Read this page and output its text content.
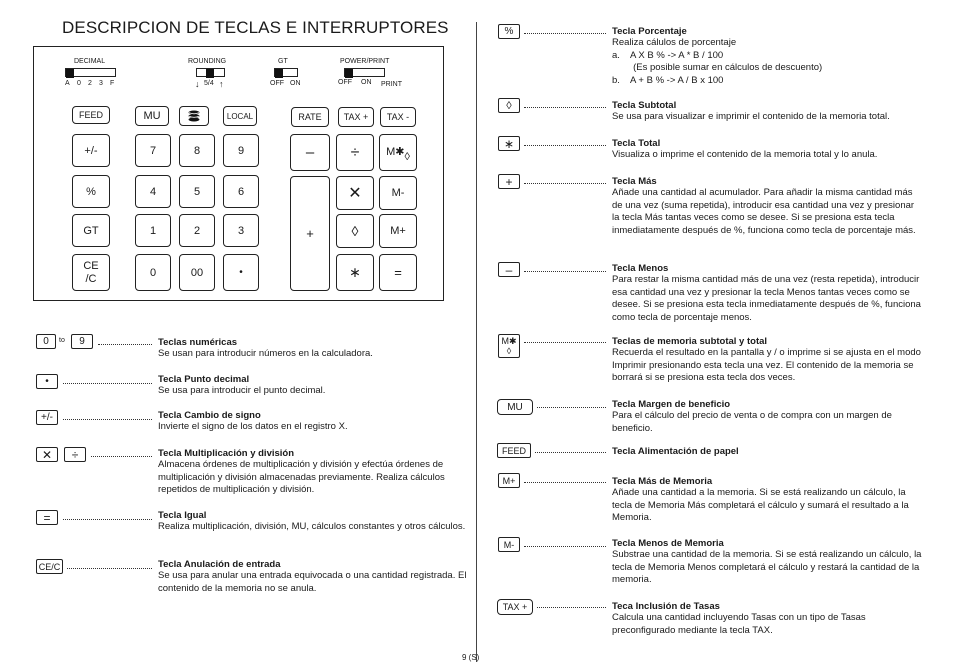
DESCRIPCION DE TECLAS E INTERRUPTORES
DECIMAL
A 0 2 3 F
ROUNDING
↓ 5/4 ↑
GT
OFF ON
POWER/PRINT
OFF ON PRINT
FEED	MU	LOCAL	RATE	TAX +	TAX -
+/-
%
GT
CE
/C
7	8	9
4	5	6
1	2	3
0	00	•
–
+
÷
✕
◊
∗
M✱ ◊
M-
M+
=
0	to	9	Teclas numéricas
Se usan para introducir números en la calculadora.
•	Tecla Punto decimal
Se usa para introducir el punto decimal.
+/-	Tecla Cambio de signo
Invierte el signo de los datos en el registro X.
✕	÷	Tecla Multiplicación y división
Almacena órdenes de multiplicación y división y efectúa órdenes de multiplicación y división almacenadas previamente. Realiza cálculos repetidos de multiplicación y división.
=	Tecla Igual
Realiza multiplicación, división, MU, cálculos constantes y otros cálculos.
CE/C	Tecla Anulación de entrada
Se usa para anular una entrada equivocada o una cantidad registrada. El contenido de la memoria no se anula.
%	Tecla Porcentaje
Realiza cálulos de porcentaje
a.    A X B % -> A * B / 100
(Es posible sumar en cálculos de descuento)
b.    A + B % -> A / B x 100
◊	Tecla Subtotal
Se usa para visualizar e imprimir el contenido de la memoria total.
∗	Tecla Total
Visualiza o imprime el contenido de la memoria total y lo anula.
+	Tecla Más
Añade una cantidad al acumulador. Para añadir la misma cantidad más de una vez (suma repetida), introducir esa cantidad una vez y presionar la tecla Más tantas veces como se desee. Si se presiona esta tecla inmediatamente después de %, funciona como tecla de porcentaje más.
–	Tecla Menos
Para restar la misma cantidad más de una vez (resta repetida), introducir esa cantidad una vez y presionar la tecla Menos tantas veces como se desee. Si se presiona esta tecla inmediatamente después de %, funciona como tecla de porcentaje menos.
M✱
◊
Teclas de memoria subtotal y total
Recuerda el resultado en la pantalla y / o imprime si se ajusta en el modo Imprimir presionando esta tecla una vez. El contenido de la memoria se borrará si se presiona esta tecla dos veces.
MU	Tecla Margen de beneficio
Para el cálculo del precio de venta o de compra con un margen de beneficio.
FEED	Tecla Alimentación de papel
M+	Tecla Más de Memoria
Añade una cantidad a la memoria. Si se está realizando un cálculo, la tecla de Memoria Más completará el cálculo y sumará el resultado a la Memoria.
M-	Tecla Menos de Memoria
Substrae una cantidad de la memoria. Si se está realizando un cálculo, la tecla de Memoria Menos completará el cálculo y restará la cantidad de la memoria.
TAX +	Teca Inclusión de Tasas
Calcula una cantidad incluyendo Tasas con un tipo de Tasas preconfigurado mediante la tecla TAX.
9 (S)
